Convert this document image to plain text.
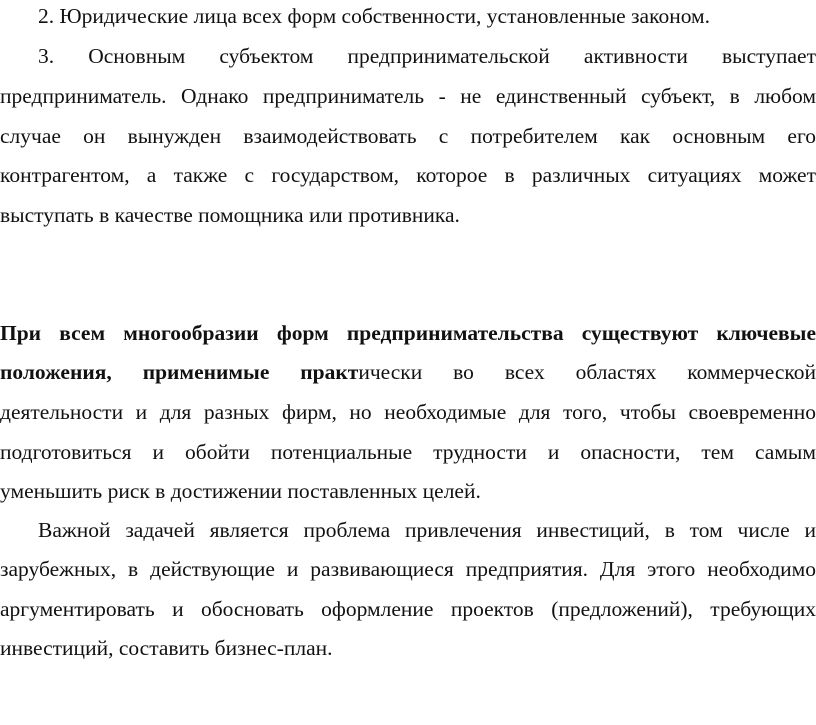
2. Юридические лица всех форм собственности, установленные законом.

3. Основным субъектом предпринимательской активности выступает

предприниматель. Однако предприниматель - не единственный субъект, в любом

случае он вынужден взаимодействовать с потребителем как основным его

контрагентом, а также с государством, которое в различных ситуациях может

выступать в качестве помощника или противника.

При всем многообразии форм предпринимательства существуют ключевые

положения, применимые практически во всех областях коммерческой

деятельности и для разных фирм, но необходимые для того, чтобы своевременно

подготовиться и обойти потенциальные трудности и опасности, тем самым

уменьшить риск в достижении поставленных целей.

Важной задачей является проблема привлечения инвестиций, в том числе и

зарубежных, в действующие и развивающиеся предприятия. Для этого необходимо

аргументировать и обосновать оформление проектов (предложений), требующих

инвестиций, составить бизнес-план.
